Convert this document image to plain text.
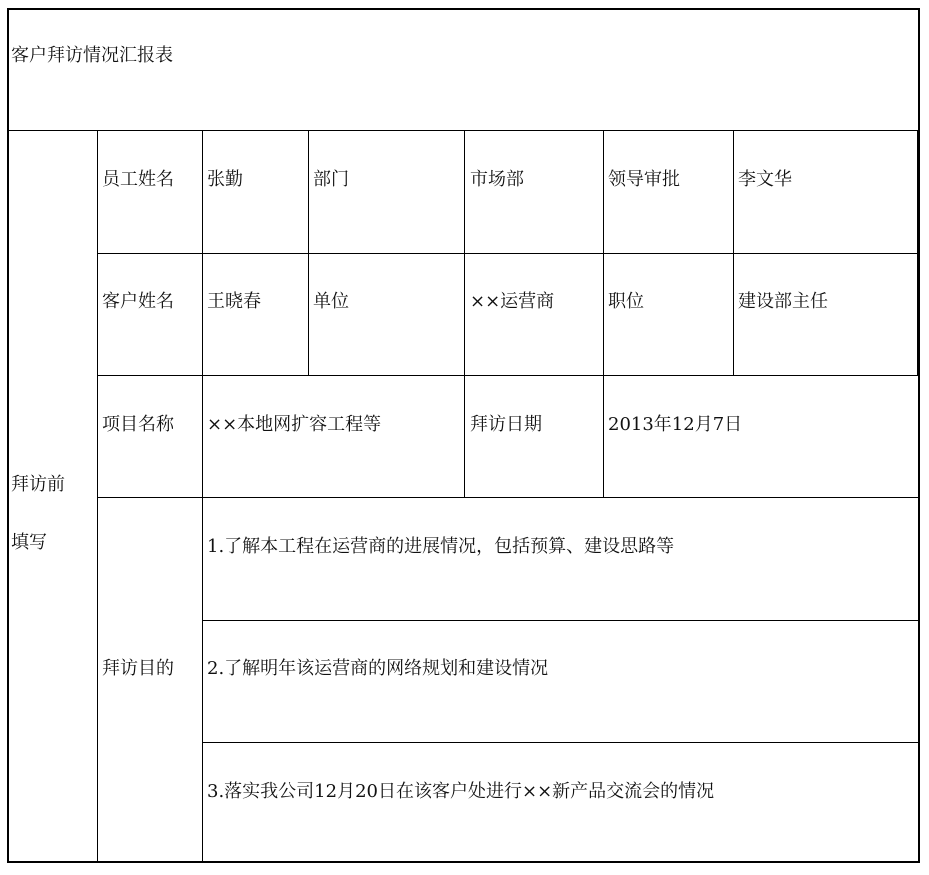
客户拜访情况汇报表
拜访前
填写
员工姓名 张勤	部门	市场部	领导审批	李文华
客户姓名 王晓春	单位	××运营商	职位	建设部主任
项目名称 ××本地网扩容工程等	拜访日期	2013年12月7日
拜访目的
1.了解本工程在运营商的进展情况，包括预算、建设思路等
2.了解明年该运营商的网络规划和建设情况
3.落实我公司12月20日在该客户处进行××新产品交流会的情况
